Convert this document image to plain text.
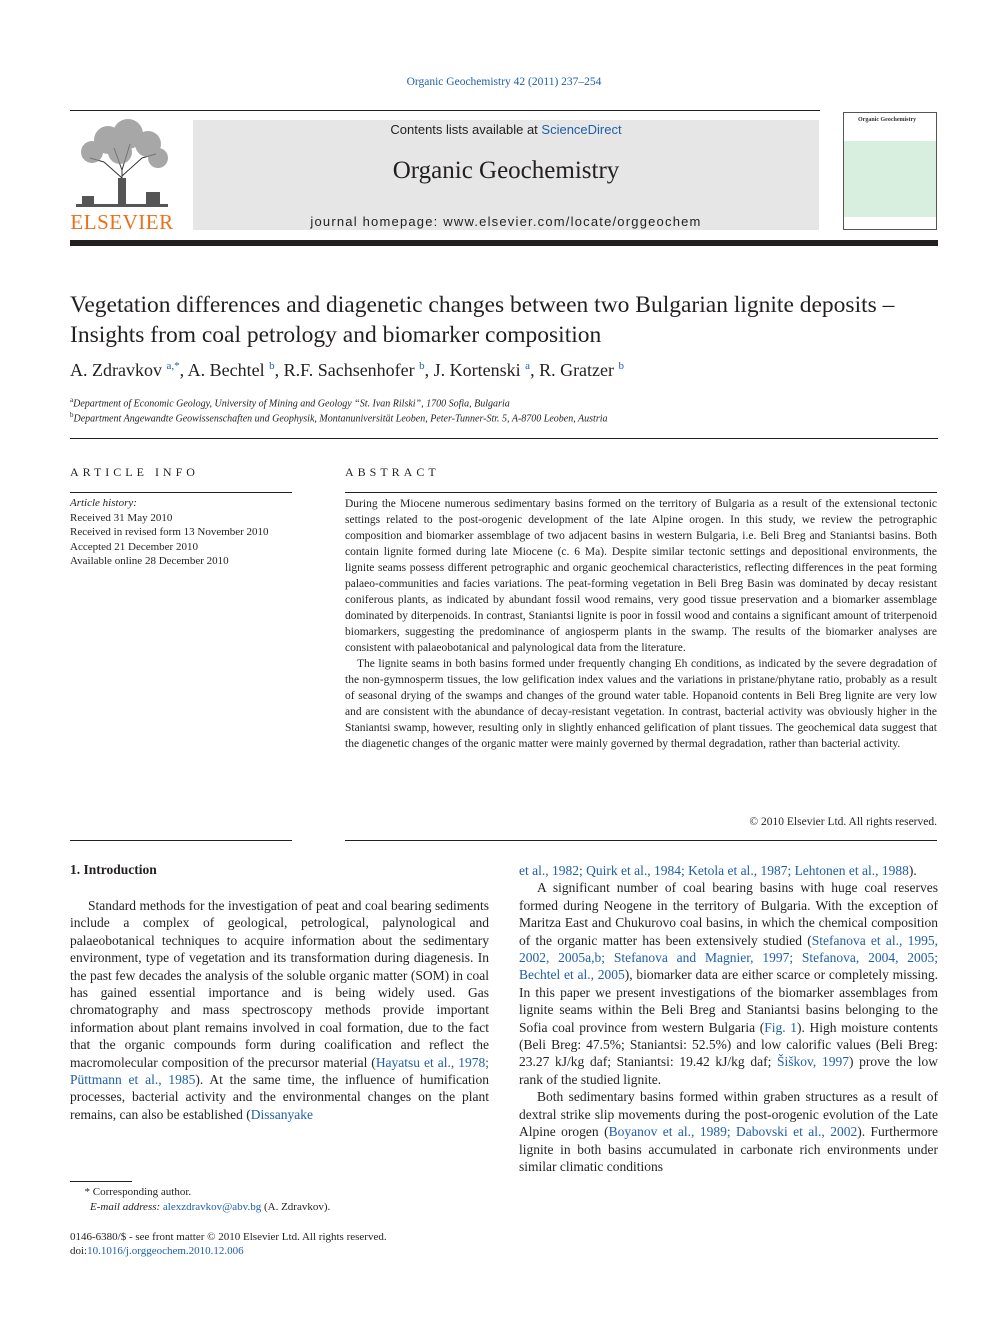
Organic Geochemistry 42 (2011) 237–254
ELSEVIER
Contents lists available at ScienceDirect
Organic Geochemistry
journal homepage: www.elsevier.com/locate/orggeochem
Organic Geochemistry
Vegetation differences and diagenetic changes between two Bulgarian lignite deposits – Insights from coal petrology and biomarker composition
A. Zdravkov $^{a,*}$, A. Bechtel $^b$, R.F. Sachsenhofer $^b$, J. Kortenski $^a$, R. Gratzer $^b$
$^a$Department of Economic Geology, University of Mining and Geology “St. Ivan Rilski”, 1700 Sofia, Bulgaria
$^b$Department Angewandte Geowissenschaften und Geophysik, Montanuniversität Leoben, Peter-Tunner-Str. 5, A-8700 Leoben, Austria
ARTICLE INFO
Article history:
Received 31 May 2010
Received in revised form 13 November 2010
Accepted 21 December 2010
Available online 28 December 2010
ABSTRACT

During the Miocene numerous sedimentary basins formed on the territory of Bulgaria as a result of the extensional tectonic settings related to the post-orogenic development of the late Alpine orogen. In this study, we review the petrographic composition and biomarker assemblage of two adjacent basins in western Bulgaria, i.e. Beli Breg and Staniantsi basins. Both contain lignite formed during late Miocene (c. 6 Ma). Despite similar tectonic settings and depositional environments, the lignite seams possess different petrographic and organic geochemical characteristics, reflecting differences in the peat forming palaeo-communities and facies variations. The peat-forming vegetation in Beli Breg Basin was dominated by decay resistant coniferous plants, as indicated by abundant fossil wood remains, very good tissue preservation and a biomarker assemblage dominated by diterpenoids. In contrast, Staniantsi lignite is poor in fossil wood and contains a significant amount of triterpenoid biomarkers, suggesting the predominance of angiosperm plants in the swamp. The results of the biomarker analyses are consistent with palaeobotanical and palynological data from the literature.

The lignite seams in both basins formed under frequently changing Eh conditions, as indicated by the severe degradation of the non-gymnosperm tissues, the low gelification index values and the variations in pristane/phytane ratio, probably as a result of seasonal drying of the swamps and changes of the ground water table. Hopanoid contents in Beli Breg lignite are very low and are consistent with the abundance of decay-resistant vegetation. In contrast, bacterial activity was obviously higher in the Staniantsi swamp, however, resulting only in slightly enhanced gelification of plant tissues. The geochemical data suggest that the diagenetic changes of the organic matter were mainly governed by thermal degradation, rather than bacterial activity.

© 2010 Elsevier Ltd. All rights reserved.
1. Introduction

Standard methods for the investigation of peat and coal bearing sediments include a complex of geological, petrological, palynological and palaeobotanical techniques to acquire information about the sedimentary environment, type of vegetation and its transformation during diagenesis. In the past few decades the analysis of the soluble organic matter (SOM) in coal has gained essential importance and is being widely used. Gas chromatography and mass spectroscopy methods provide important information about plant remains involved in coal formation, due to the fact that the organic compounds form during coalification and reflect the macromolecular composition of the precursor material (Hayatsu et al., 1978; Püttmann et al., 1985). At the same time, the influence of humification processes, bacterial activity and the environmental changes on the plant remains, can also be established (Dissanyake

et al., 1982; Quirk et al., 1984; Ketola et al., 1987; Lehtonen et al., 1988).

A significant number of coal bearing basins with huge coal reserves formed during Neogene in the territory of Bulgaria. With the exception of Maritza East and Chukurovo coal basins, in which the chemical composition of the organic matter has been extensively studied (Stefanova et al., 1995, 2002, 2005a,b; Stefanova and Magnier, 1997; Stefanova, 2004, 2005; Bechtel et al., 2005), biomarker data are either scarce or completely missing. In this paper we present investigations of the biomarker assemblages from lignite seams within the Beli Breg and Staniantsi basins belonging to the Sofia coal province from western Bulgaria (Fig. 1). High moisture contents (Beli Breg: 47.5%; Staniantsi: 52.5%) and low calorific values (Beli Breg: 23.27 kJ/kg daf; Staniantsi: 19.42 kJ/kg daf; Šiškov, 1997) prove the low rank of the studied lignite.

Both sedimentary basins formed within graben structures as a result of dextral strike slip movements during the post-orogenic evolution of the Late Alpine orogen (Boyanov et al., 1989; Dabovski et al., 2002). Furthermore lignite in both basins accumulated in carbonate rich environments under similar climatic conditions

* Corresponding author.
E-mail address: alexzdravkov@abv.bg (A. Zdravkov).
0146-6380/$ - see front matter © 2010 Elsevier Ltd. All rights reserved.
doi:10.1016/j.orggeochem.2010.12.006
